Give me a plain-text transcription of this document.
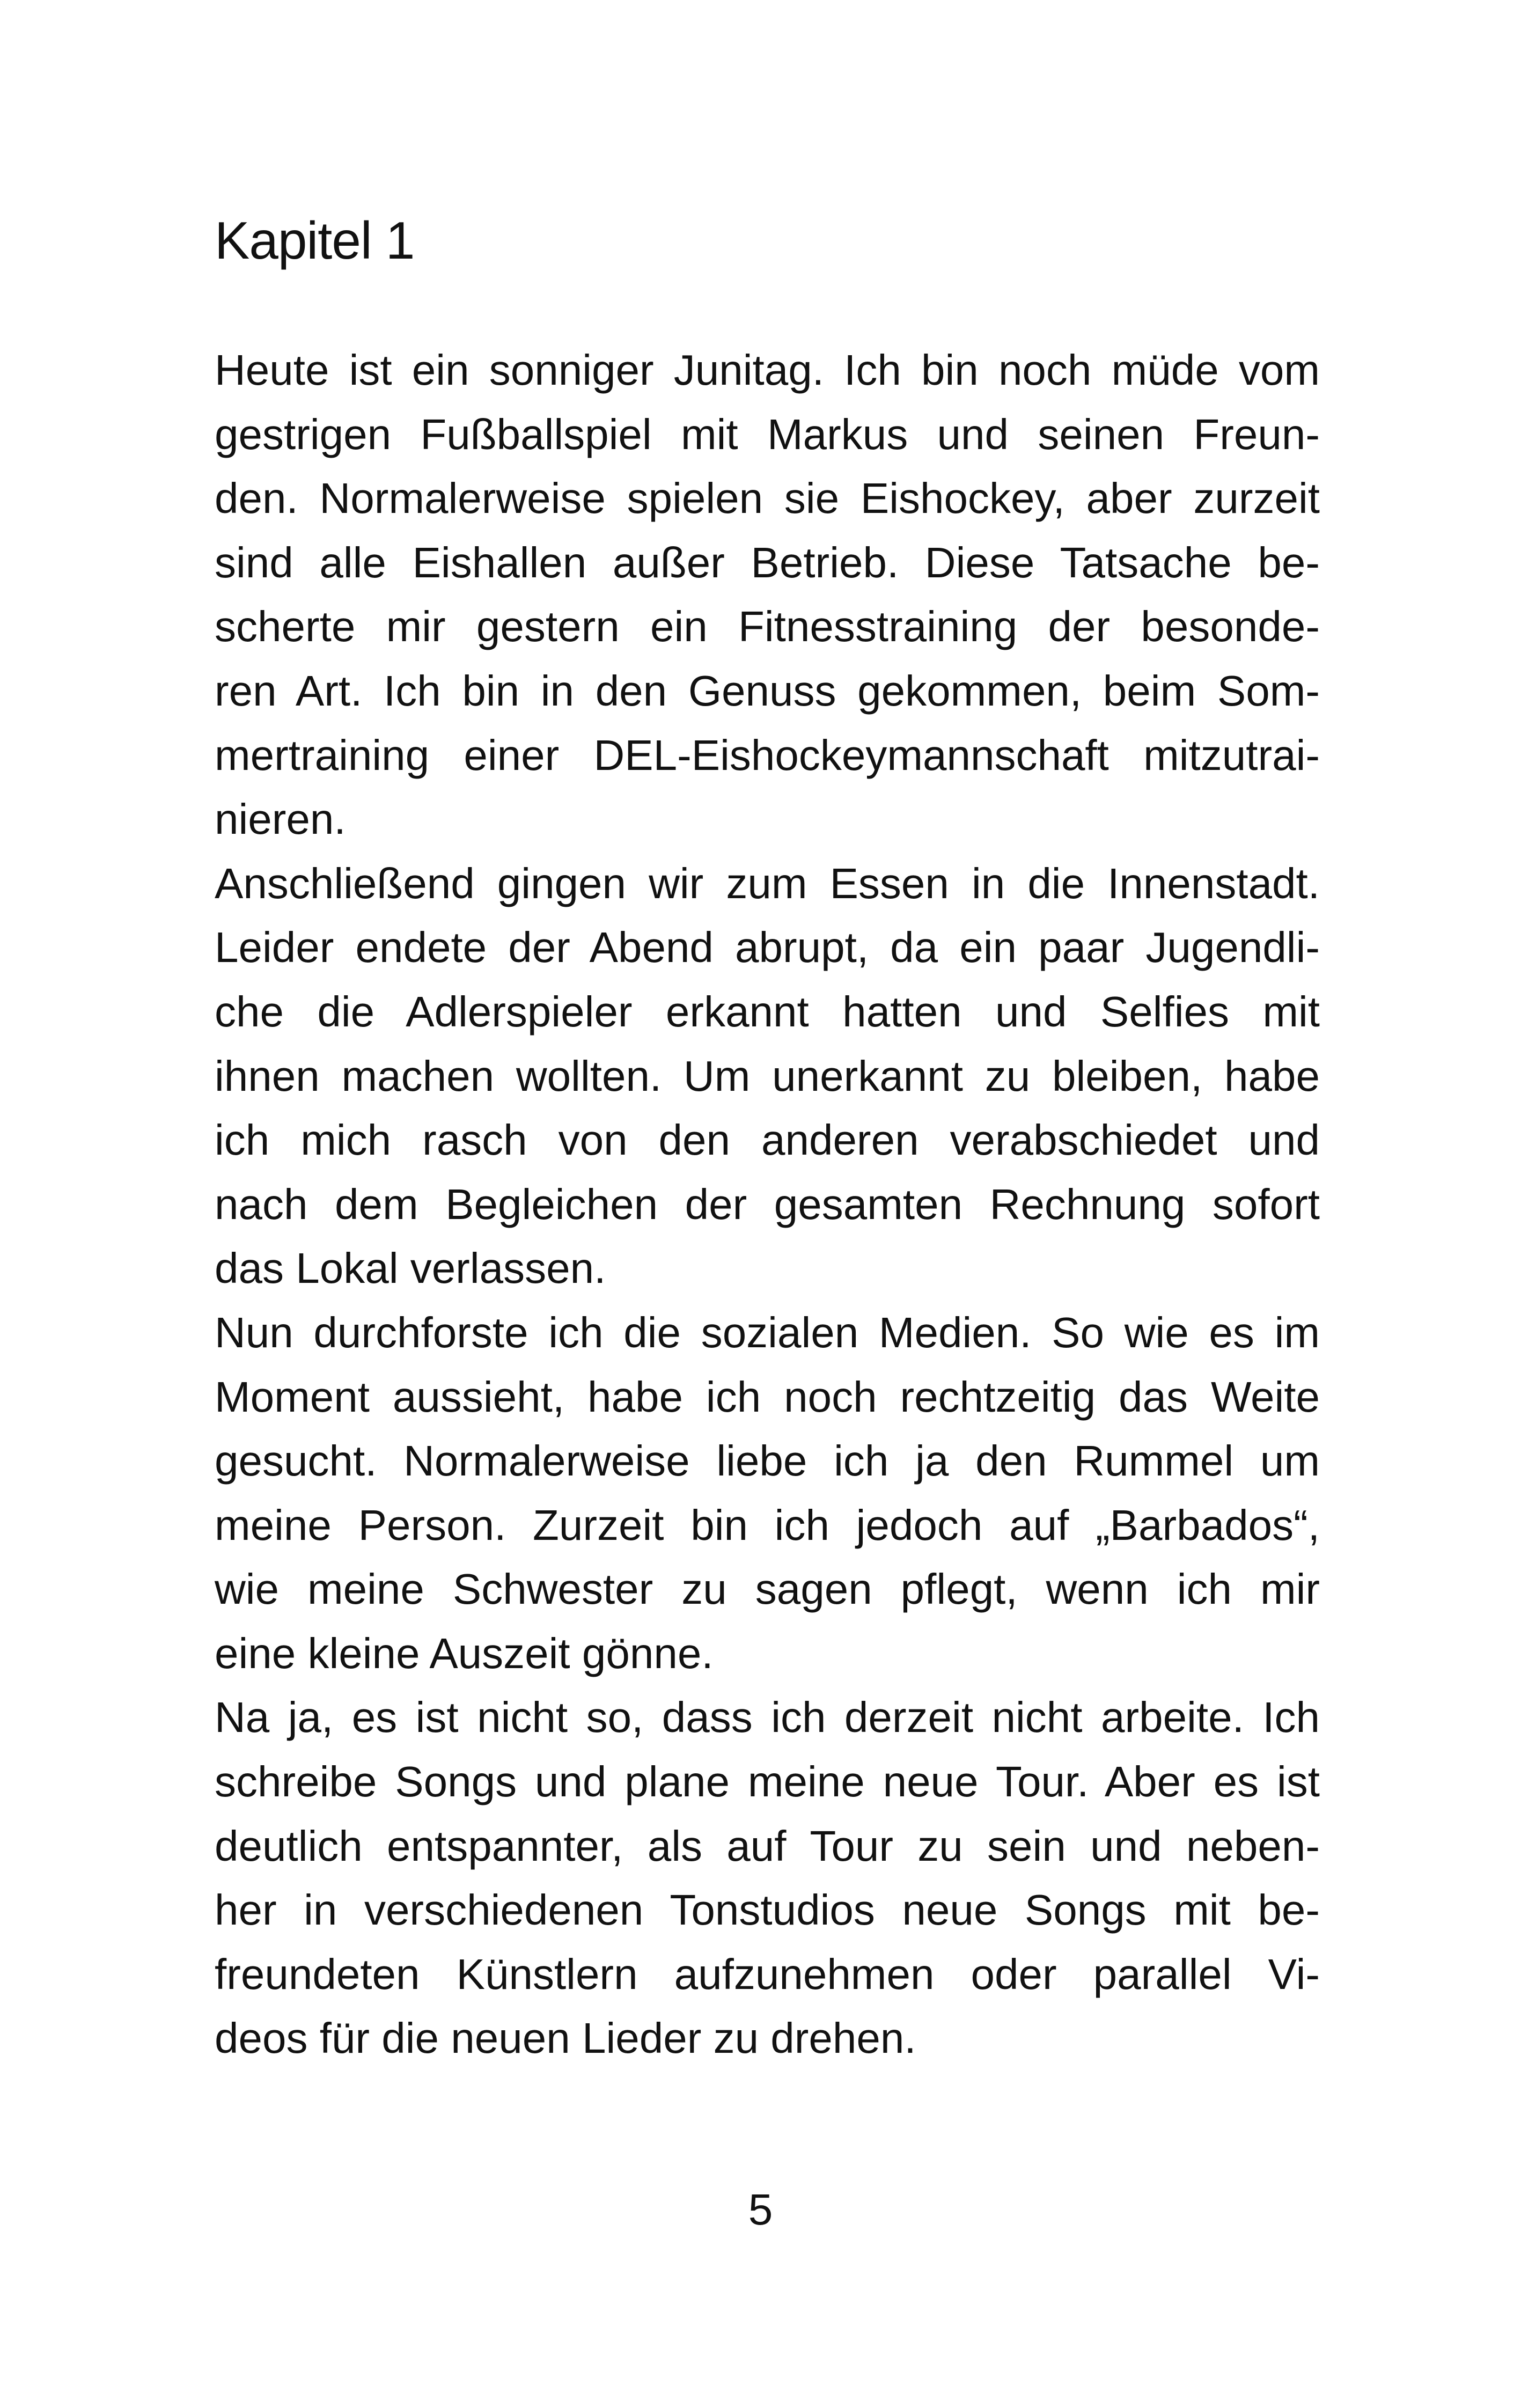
Kapitel 1
Heute ist ein sonniger Junitag. Ich bin noch müde vom
gestrigen Fußballspiel mit Markus und seinen Freun-
den. Normalerweise spielen sie Eishockey, aber zurzeit
sind alle Eishallen außer Betrieb. Diese Tatsache be-
scherte mir gestern ein Fitnesstraining der besonde-
ren Art. Ich bin in den Genuss gekommen, beim Som-
mertraining einer DEL-Eishockeymannschaft mitzutrai-
nieren.
Anschließend gingen wir zum Essen in die Innenstadt.
Leider endete der Abend abrupt, da ein paar Jugendli-
che die Adlerspieler erkannt hatten und Selfies mit
ihnen machen wollten. Um unerkannt zu bleiben, habe
ich mich rasch von den anderen verabschiedet und
nach dem Begleichen der gesamten Rechnung sofort
das Lokal verlassen.
Nun durchforste ich die sozialen Medien. So wie es im
Moment aussieht, habe ich noch rechtzeitig das Weite
gesucht. Normalerweise liebe ich ja den Rummel um
meine Person. Zurzeit bin ich jedoch auf „Barbados“,
wie meine Schwester zu sagen pflegt, wenn ich mir
eine kleine Auszeit gönne.
Na ja, es ist nicht so, dass ich derzeit nicht arbeite. Ich
schreibe Songs und plane meine neue Tour. Aber es ist
deutlich entspannter, als auf Tour zu sein und neben-
her in verschiedenen Tonstudios neue Songs mit be-
freundeten Künstlern aufzunehmen oder parallel Vi-
deos für die neuen Lieder zu drehen.
5
